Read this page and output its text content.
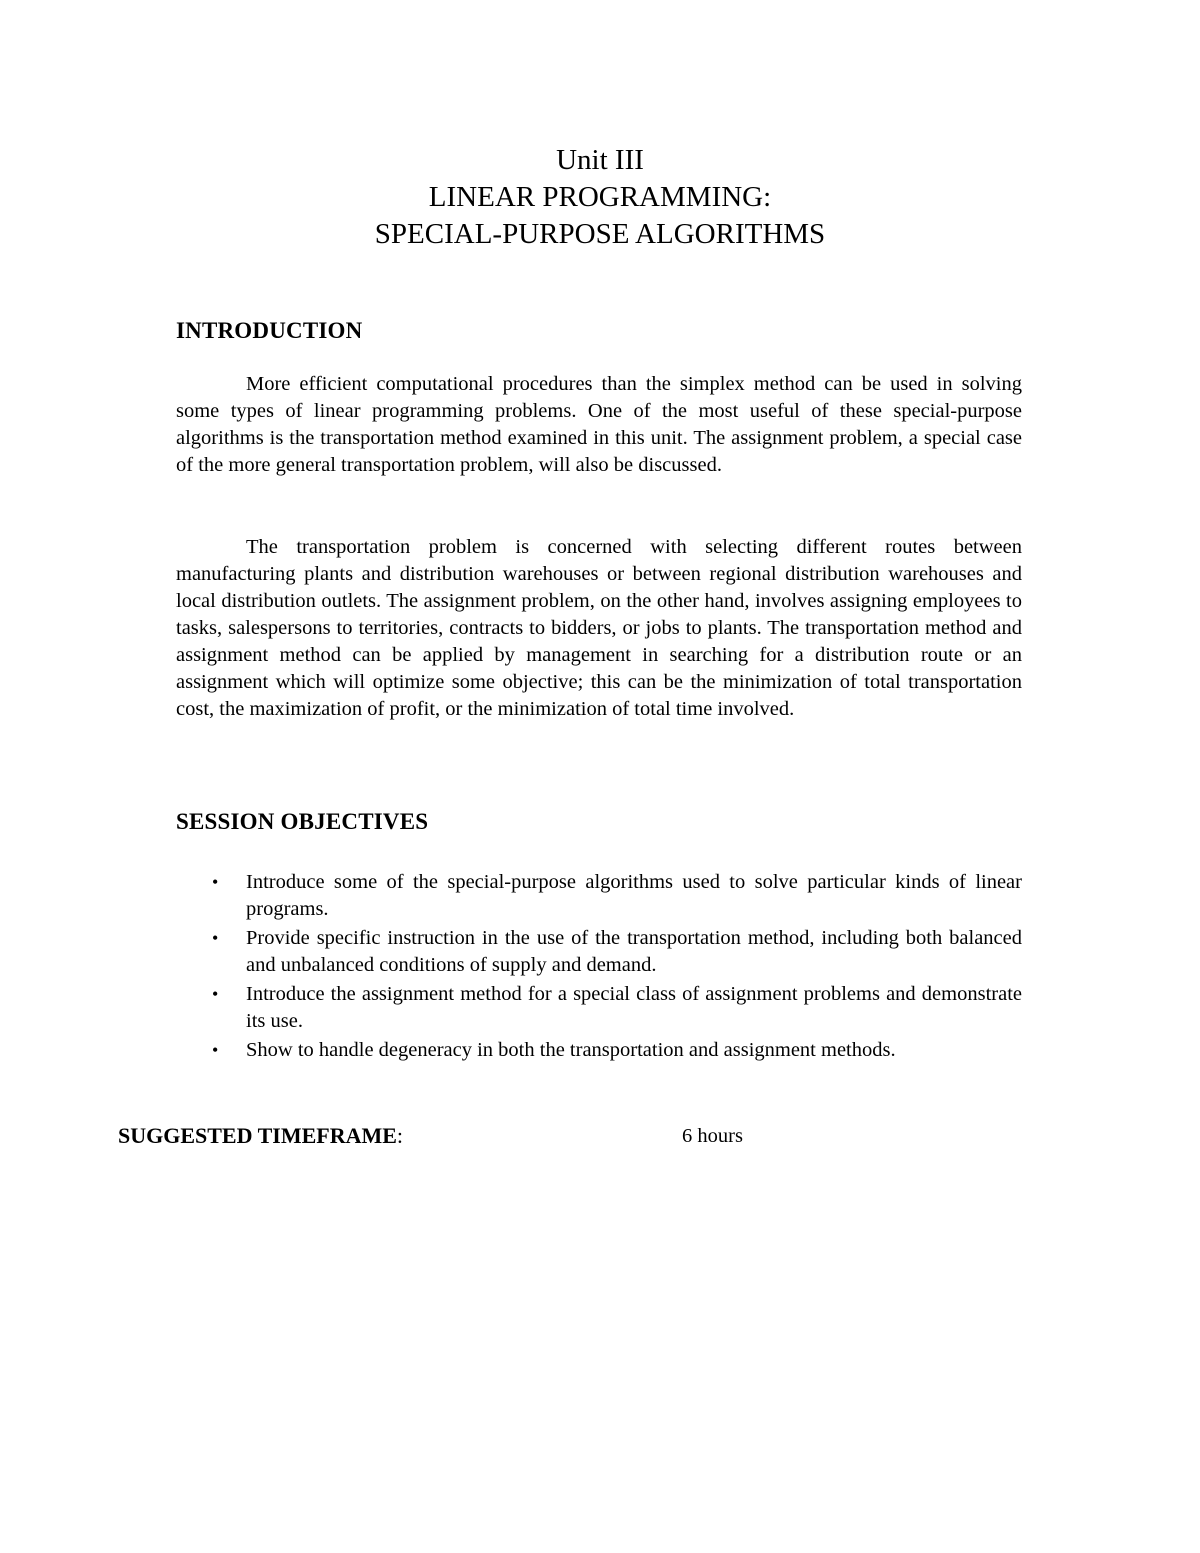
Unit III
LINEAR PROGRAMMING:
SPECIAL-PURPOSE ALGORITHMS
INTRODUCTION

More efficient computational procedures than the simplex method can be used in solving some types of linear programming problems. One of the most useful of these special-purpose algorithms is the transportation method examined in this unit. The assignment problem, a special case of the more general transportation problem, will also be discussed.

The transportation problem is concerned with selecting different routes between manufacturing plants and distribution warehouses or between regional distribution warehouses and local distribution outlets. The assignment problem, on the other hand, involves assigning employees to tasks, salespersons to territories, contracts to bidders, or jobs to plants. The transportation method and assignment method can be applied by management in searching for a distribution route or an assignment which will optimize some objective; this can be the minimization of total transportation cost, the maximization of profit, or the minimization of total time involved.

SESSION OBJECTIVES
• Introduce some of the special-purpose algorithms used to solve particular kinds of linear programs.
• Provide specific instruction in the use of the transportation method, including both balanced and unbalanced conditions of supply and demand.
• Introduce the assignment method for a special class of assignment problems and demonstrate its use.
• Show to handle degeneracy in both the transportation and assignment methods.
SUGGESTED TIMEFRAME:	6 hours
